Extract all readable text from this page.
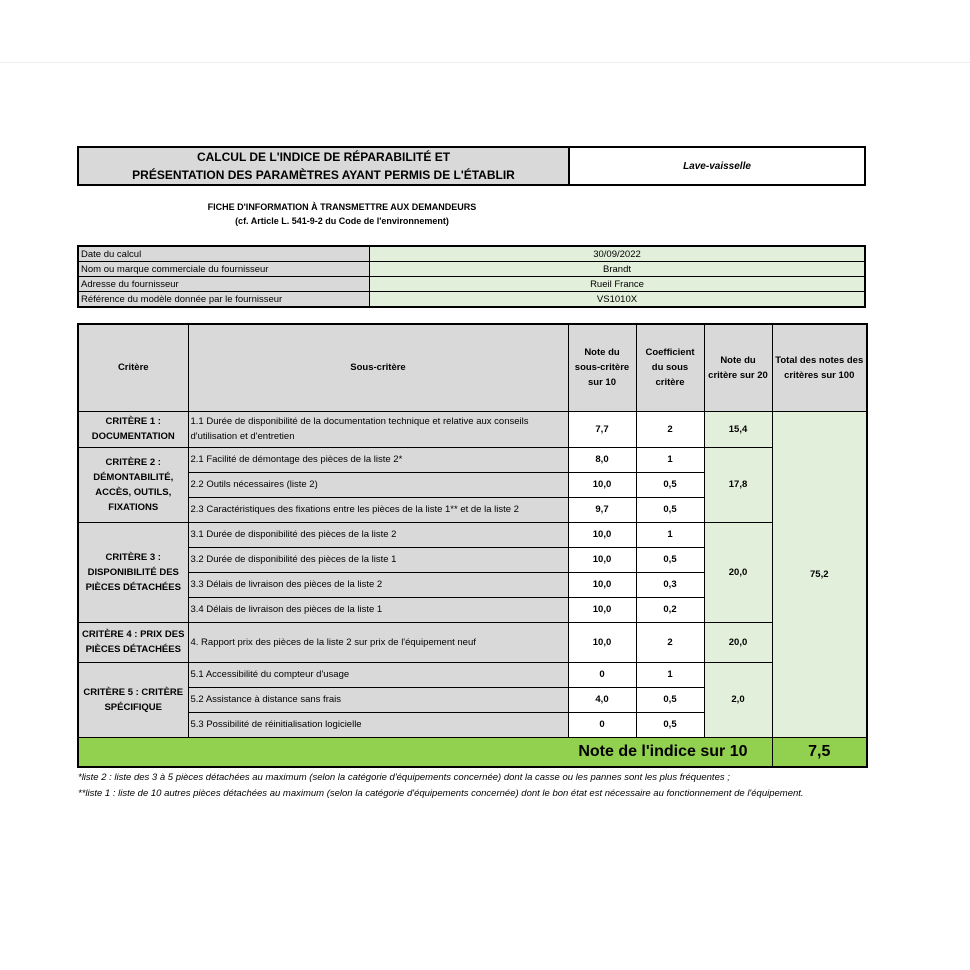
CALCUL DE L'INDICE DE RÉPARABILITÉ ET
PRÉSENTATION DES PARAMÈTRES AYANT PERMIS DE L'ÉTABLIR
Lave-vaisselle
FICHE D'INFORMATION À TRANSMETTRE AUX DEMANDEURS
(cf. Article L. 541-9-2 du Code de l'environnement)
Date du calcul	30/09/2022
Nom ou marque commerciale du fournisseur	Brandt
Adresse du fournisseur	Rueil France
Référence du modèle donnée par le fournisseur	VS1010X
Critère	Sous-critère	Note du sous-critère sur 10	Coefficient du sous critère	Note du critère sur 20	Total des notes des critères sur 100
CRITÈRE 1 : DOCUMENTATION	1.1 Durée de disponibilité de la documentation technique et relative aux conseils d'utilisation et d'entretien	7,7	2	15,4	75,2
CRITÈRE 2 : DÉMONTABILITÉ, ACCÈS, OUTILS, FIXATIONS	2.1 Facilité de démontage des pièces de la liste 2*	8,0	1	17,8	
	2.2 Outils nécessaires (liste 2)	10,0	0,5		
	2.3 Caractéristiques des fixations entre les pièces de la liste 1** et de la liste 2	9,7	0,5		
CRITÈRE 3 : DISPONIBILITÉ DES PIÈCES DÉTACHÉES	3.1 Durée de disponibilité des pièces de la liste 2	10,0	1	20,0	
	3.2 Durée de disponibilité des pièces de la liste 1	10,0	0,5		
	3.3 Délais de livraison des pièces de la liste 2	10,0	0,3		
	3.4 Délais de livraison des pièces de la liste 1	10,0	0,2		
CRITÈRE 4 : PRIX DES PIÈCES DÉTACHÉES	4. Rapport prix des pièces de la liste 2 sur prix de l'équipement neuf	10,0	2	20,0	
CRITÈRE 5 : CRITÈRE SPÉCIFIQUE	5.1 Accessibilité du compteur d'usage	0	1	2,0	
	5.2 Assistance à distance sans frais	4,0	0,5		
	5.3 Possibilité de réinitialisation logicielle	0	0,5		
Note de l'indice sur 10					7,5
*liste 2 : liste des 3 à 5 pièces détachées au maximum (selon la catégorie d'équipements concernée) dont la casse ou les pannes sont les plus fréquentes ;
**liste 1 : liste de 10 autres pièces détachées au maximum (selon la catégorie d'équipements concernée) dont le bon état est nécessaire au fonctionnement de l'équipement.
